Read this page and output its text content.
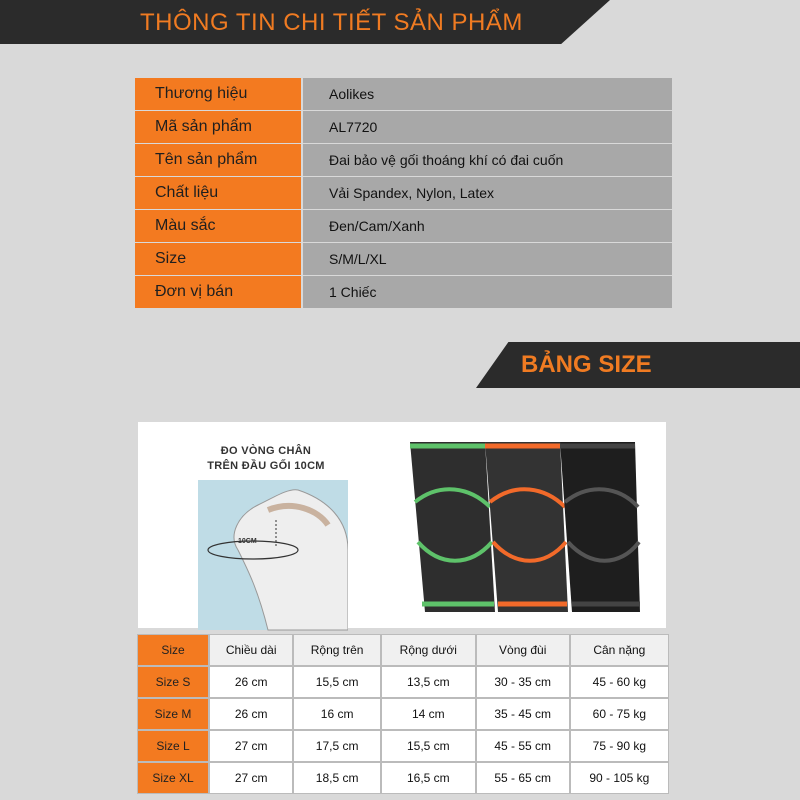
THÔNG TIN CHI TIẾT SẢN PHẨM
Thương hiệu	Aolikes
Mã sản phẩm	AL7720
Tên sản phẩm	Đai bảo vệ gối thoáng khí có đai cuốn
Chất liệu	Vải Spandex, Nylon, Latex
Màu sắc	Đen/Cam/Xanh
Size	S/M/L/XL
Đơn vị bán	1 Chiếc
BẢNG SIZE
ĐO VÒNG CHÂN
TRÊN ĐẦU GỐI 10CM
10CM
Size	Chiều dài	Rộng trên	Rộng dưới	Vòng đùi	Cân nặng
Size S	26 cm	15,5 cm	13,5 cm	30 - 35 cm	45 - 60 kg
Size M	26 cm	16 cm	14 cm	35 - 45 cm	60 - 75 kg
Size L	27 cm	17,5 cm	15,5 cm	45 - 55 cm	75 - 90 kg
Size XL	27 cm	18,5 cm	16,5 cm	55 - 65 cm	90 - 105 kg
